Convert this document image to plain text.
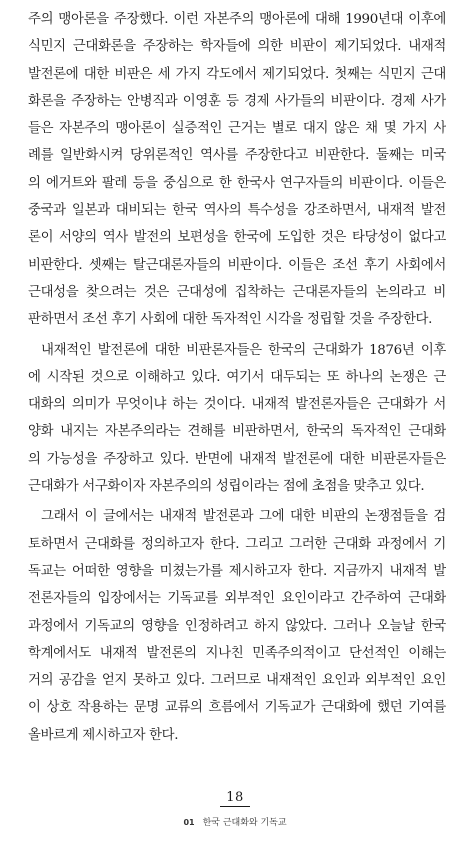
주의 맹아론을 주장했다. 이런 자본주의 맹아론에 대해 1990년대 이후에
식민지 근대화론을 주장하는 학자들에 의한 비판이 제기되었다. 내재적
발전론에 대한 비판은 세 가지 각도에서 제기되었다. 첫째는 식민지 근대
화론을 주장하는 안병직과 이영훈 등 경제 사가들의 비판이다. 경제 사가
들은 자본주의 맹아론이 실증적인 근거는 별로 대지 않은 채 몇 가지 사
례를 일반화시켜 당위론적인 역사를 주장한다고 비판한다. 둘째는 미국
의 에거트와 팔레 등을 중심으로 한 한국사 연구자들의 비판이다. 이들은
중국과 일본과 대비되는 한국 역사의 특수성을 강조하면서, 내재적 발전
론이 서양의 역사 발전의 보편성을 한국에 도입한 것은 타당성이 없다고
비판한다. 셋째는 탈근대론자들의 비판이다. 이들은 조선 후기 사회에서
근대성을 찾으려는 것은 근대성에 집착하는 근대론자들의 논의라고 비
판하면서 조선 후기 사회에 대한 독자적인 시각을 정립할 것을 주장한다.
내재적인 발전론에 대한 비판론자들은 한국의 근대화가 1876년 이후
에 시작된 것으로 이해하고 있다. 여기서 대두되는 또 하나의 논쟁은 근
대화의 의미가 무엇이냐 하는 것이다. 내재적 발전론자들은 근대화가 서
양화 내지는 자본주의라는 견해를 비판하면서, 한국의 독자적인 근대화
의 가능성을 주장하고 있다. 반면에 내재적 발전론에 대한 비판론자들은
근대화가 서구화이자 자본주의의 성립이라는 점에 초점을 맞추고 있다.
그래서 이 글에서는 내재적 발전론과 그에 대한 비판의 논쟁점들을 검
토하면서 근대화를 정의하고자 한다. 그리고 그러한 근대화 과정에서 기
독교는 어떠한 영향을 미쳤는가를 제시하고자 한다. 지금까지 내재적 발
전론자들의 입장에서는 기독교를 외부적인 요인이라고 간주하여 근대화
과정에서 기독교의 영향을 인정하려고 하지 않았다. 그러나 오늘날 한국
학계에서도 내재적 발전론의 지나친 민족주의적이고 단선적인 이해는
거의 공감을 얻지 못하고 있다. 그러므로 내재적인 요인과 외부적인 요인
이 상호 작용하는 문명 교류의 흐름에서 기독교가 근대화에 했던 기여를
올바르게 제시하고자 한다.
18
01 한국 근대화와 기독교
